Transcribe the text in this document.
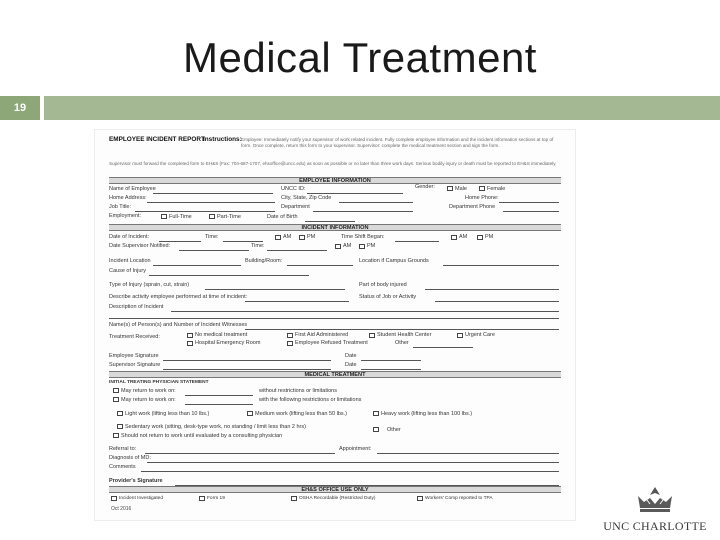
Medical Treatment
19
EMPLOYEE INCIDENT REPORT
Instructions: Employee: Immediately notify your supervisor of work related incident. Fully complete employee information and the incident information sections at top of form. Once complete, return this form to your supervisor. Supervisor: complete the medical treatment section and sign the form.
Supervisor must forward the completed form to EH&S (Fax: 704-687-1707, ehsoffice@uncc.edu) as soon as possible or no later than three work days. Serious bodily injury or death must be reported to EH&S immediately.
EMPLOYEE INFORMATION
Name of Employee	UNCC ID:	Gender:	Male	Female
Home Address:	City, State, Zip Code	Home Phone:
Job Title:	Department	Department Phone
Employment:	Full-Time	Part-Time	Date of Birth
INCIDENT INFORMATION
Date of Incident:	Time:	AM	PM	Time Shift Began:	AM	PM
Date Supervisor Notified:	Time:	AM	PM
Incident Location	Building/Room:	Location if Campus Grounds
Cause of Injury
Type of Injury (sprain, cut, strain)	Part of body injured
Describe activity employee performed at time of incident:	Status of Job or Activity
Description of Incident
Name(s) of Person(s) and Number of Incident Witnesses
Treatment Received:	No medical treatment	First Aid Administered	Student Health Center	Urgent Care
Hospital Emergency Room	Employee Refused Treatment	Other
Employee Signature	Date
Supervisor Signature	Date
MEDICAL TREATMENT
INITIAL TREATING PHYSICIAN STATEMENT
May return to work on:	without restrictions or limitations
May return to work on:	with the following restrictions or limitations
Light work (lifting less than 10 lbs.)	Medium work (lifting less than 50 lbs.)	Heavy work (lifting less than 100 lbs.)
Sedentary work (sitting, desk-type work, no standing / limit less than 2 hrs)	Other
Should not return to work until evaluated by a consulting physician
Referral to:	Appointment:
Diagnosis of MD:
Comments
Provider's Signature
EH&S OFFICE USE ONLY
Incident Investigated	Form 19	OSHA Recordable (Restricted Duty)	Workers' Comp reported to TPA
Oct 2016
UNC CHARLOTTE
